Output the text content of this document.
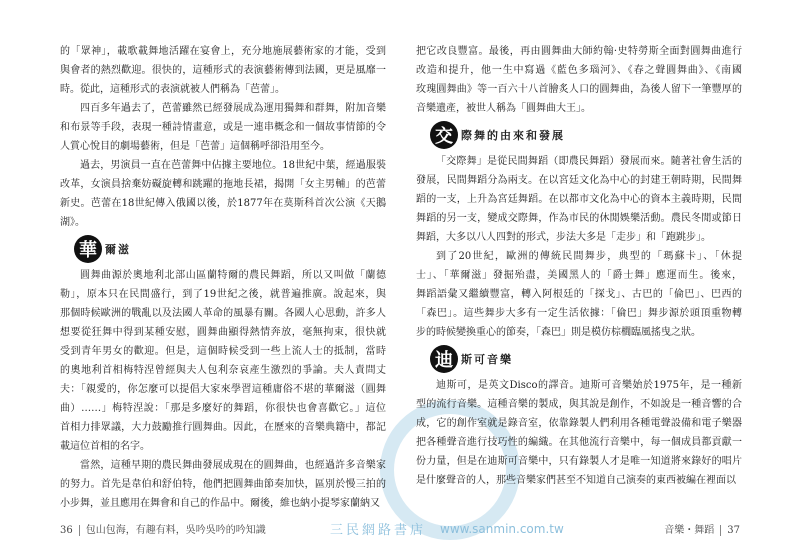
的「眾神」，載歌載舞地活躍在宴會上，充分地施展藝術家的才能，受到
與會者的熱烈歡迎。很快的，這種形式的表演藝術傳到法國，更是風靡一
時。從此，這種形式的表演就被人們稱為「芭蕾」。
四百多年過去了，芭蕾雖然已經發展成為運用獨舞和群舞，附加音樂
和布景等手段，表現一種詩情畫意，或是一連串概念和一個故事情節的令
人賞心悅目的劇場藝術，但是「芭蕾」這個稱呼卻沿用至今。
過去，男演員一直在芭蕾舞中佔據主要地位。18世紀中葉，經過服裝
改革，女演員捨棄妨礙旋轉和跳躍的拖地長裙，揭開「女主男輔」的芭蕾
新史。芭蕾在18世紀傳入俄國以後，於1877年在莫斯科首次公演《天鵝
湖》。
華 爾滋
圓舞曲源於奧地利北部山區蘭特爾的農民舞蹈，所以又叫做「蘭德
勒」，原本只在民間盛行，到了19世紀之後，就普遍推廣。說起來，與
那個時候歐洲的戰亂以及法國人革命的風暴有關。各國人心思動，許多人
想要從狂舞中得到某種安慰，圓舞曲顯得熱情奔放，毫無拘束，很快就
受到青年男女的歡迎。但是，這個時候受到一些上流人士的抵制，當時
的奧地利首相梅特涅曾經與夫人包利奈哀產生激烈的爭論。夫人責問丈
夫：「親愛的，你怎麼可以提倡大家來學習這種庸俗不堪的華爾滋（圓舞
曲）……」梅特涅說：「那是多麼好的舞蹈，你很快也會喜歡它。」這位
首相力排眾議，大力鼓勵推行圓舞曲。因此，在歷來的音樂典籍中，都記
載這位首相的名字。
當然，這種早期的農民舞曲發展成現在的圓舞曲，也經過許多音樂家
的努力。首先是韋伯和舒伯特，他們把圓舞曲節奏加快，區別於慢三拍的
小步舞，並且應用在舞會和自己的作品中。爾後，維也納小提琴家蘭納又
把它改良豐富。最後，再由圓舞曲大師約翰·史特勞斯全面對圓舞曲進行
改造和提升，他一生中寫過《藍色多瑙河》、《春之聲圓舞曲》、《南國
玫瑰圓舞曲》等一百六十八首膾炙人口的圓舞曲，為後人留下一筆豐厚的
音樂遺產，被世人稱為「圓舞曲大王」。
交 際舞的由來和發展
「交際舞」是從民間舞蹈（即農民舞蹈）發展而來。隨著社會生活的
發展，民間舞蹈分為兩支。在以宮廷文化為中心的封建王朝時期，民間舞
蹈的一支，上升為宮廷舞蹈。在以都市文化為中心的資本主義時期，民間
舞蹈的另一支，變成交際舞，作為市民的休閒娛樂活動。農民冬閒或節日
舞蹈，大多以八人四對的形式，步法大多是「走步」和「跑跳步」。
到了20世紀，歐洲的傳統民間舞步，典型的「瑪蘇卡」、「休提
士」、「華爾滋」發掘殆盡，美國黑人的「爵士舞」應運而生。後來，
舞蹈語彙又繼續豐富，轉入阿根廷的「探戈」、古巴的「倫巴」、巴西的
「森巴」。這些舞步大多有一定生活依據：「倫巴」舞步源於頭頂重物轉
步的時候變換重心的節奏，「森巴」則是模仿棕櫚臨風搖曳之狀。
迪 斯可音樂
迪斯可，是英文Disco的譯音。迪斯可音樂始於1975年，是一種新
型的流行音樂。這種音樂的製成，與其說是創作，不如說是一種音響的合
成，它的創作室就是錄音室，依靠錄製人們利用各種電聲設備和電子樂器
把各種聲音進行技巧性的編織。在其他流行音樂中，每一個成員都貢獻一
份力量，但是在迪斯可音樂中，只有錄製人才是唯一知道將來錄好的唱片
是什麼聲音的人，那些音樂家們甚至不知道自己演奏的東西被編在裡面以
36 包山包海，有趣有料，吳吟吳吟的吟知識	音樂・舞蹈 37
三民網路書店 www.sanmin.com.tw
